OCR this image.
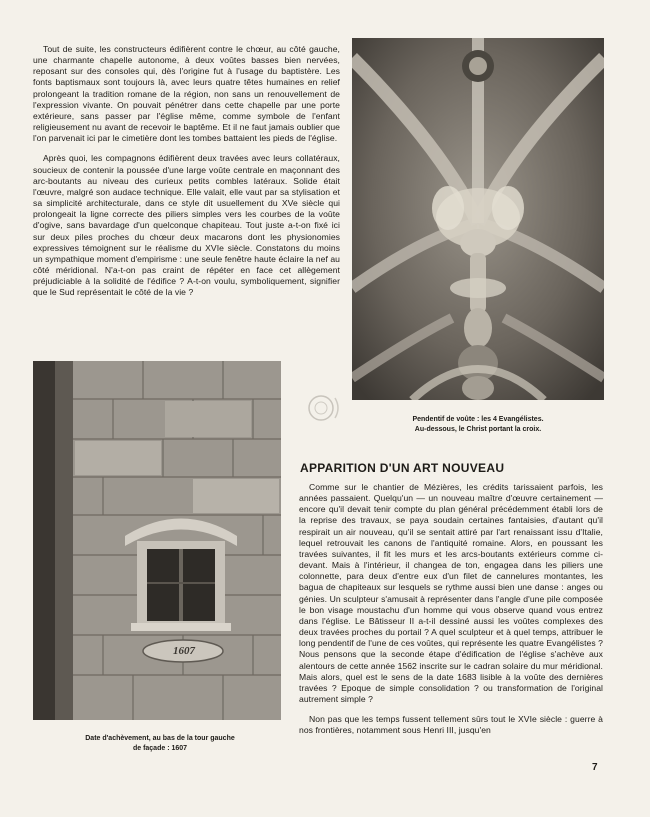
Tout de suite, les constructeurs édifièrent contre le chœur, au côté gauche, une charmante chapelle autonome, à deux voûtes basses bien nervées, reposant sur des consoles qui, dès l'origine fut à l'usage du baptistère. Les fonts baptismaux sont toujours là, avec leurs quatre têtes humaines en relief prolongeant la tradition romane de la région, non sans un renouvellement de l'expression vivante. On pouvait pénétrer dans cette chapelle par une porte extérieure, sans passer par l'église même, comme symbole de l'enfant religieusement nu avant de recevoir le baptême. Et il ne faut jamais oublier que l'on parvenait ici par le cimetière dont les tombes battaient les pieds de l'église.

Après quoi, les compagnons édifièrent deux travées avec leurs collatéraux, soucieux de contenir la poussée d'une large voûte centrale en maçonnant des arc-boutants au niveau des curieux petits combles latéraux. Solide était l'œuvre, malgré son audace technique. Elle valait, elle vaut par sa stylisation et sa simplicité architecturale, dans ce style dit usuellement du XVe siècle qui prolongeait la ligne correcte des piliers simples vers les courbes de la voûte d'ogive, sans bavardage d'un quelconque chapiteau. Tout juste a-t-on fixé ici sur deux piles proches du chœur deux macarons dont les physionomies expressives témoignent sur le réalisme du XVIe siècle. Constatons du moins un sympathique moment d'empirisme : une seule fenêtre haute éclaire la nef au côté méridional. N'a-t-on pas craint de répéter en face cet allègement préjudiciable à la solidité de l'édifice ? A-t-on voulu, symboliquement, signifier que le Sud représentait le côté de la vie ?

Pendentif de voûte : les 4 Evangélistes.
Au-dessous, le Christ portant la croix.
1607
Date d'achèvement, au bas de la tour gauche
de façade : 1607
APPARITION D'UN ART NOUVEAU

Comme sur le chantier de Mézières, les crédits tarissaient parfois, les années passaient. Quelqu'un — un nouveau maître d'œuvre certainement — encore qu'il devait tenir compte du plan général précédemment établi lors de la reprise des travaux, se paya soudain certaines fantaisies, d'autant qu'il respirait un air nouveau, qu'il se sentait attiré par l'art renaissant issu d'Italie, lequel retrouvait les canons de l'antiquité romaine. Alors, en poussant les travées suivantes, il fit les murs et les arcs-boutants extérieurs comme ci-devant. Mais à l'intérieur, il changea de ton, engagea dans les piliers une colonnette, para deux d'entre eux d'un filet de cannelures montantes, les bagua de chapiteaux sur lesquels se rythme aussi bien une danse : anges ou génies. Un sculpteur s'amusait à représenter dans l'angle d'une pile composée le bon visage moustachu d'un homme qui vous observe quand vous entrez dans l'église. Le Bâtisseur II a-t-il dessiné aussi les voûtes complexes des deux travées proches du portail ? A quel sculpteur et à quel temps, attribuer le long pendentif de l'une de ces voûtes, qui représente les quatre Evangélistes ? Nous pensons que la seconde étape d'édification de l'église s'achève aux alentours de cette année 1562 inscrite sur le cadran solaire du mur méridional. Mais alors, quel est le sens de la date 1683 lisible à la voûte des dernières travées ? Epoque de simple consolidation ? ou transformation de l'original autrement simple ?

Non pas que les temps fussent tellement sûrs tout le XVIe siècle : guerre à nos frontières, notamment sous Henri III, jusqu'en

7
